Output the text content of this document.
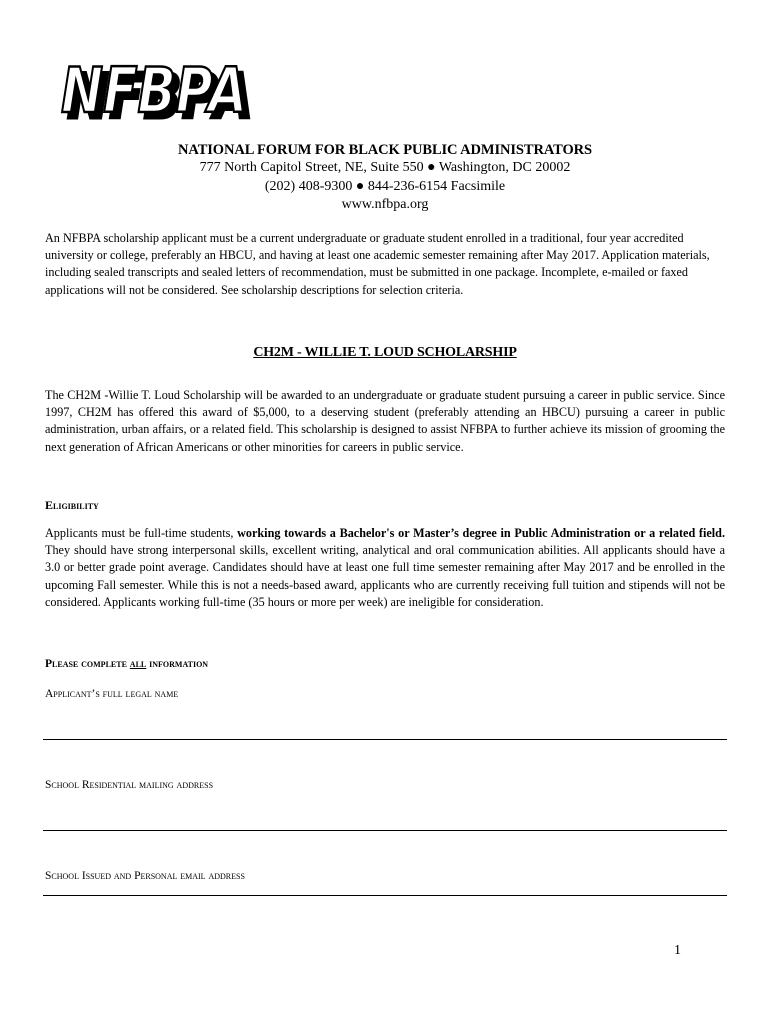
NFBPA
NFBPA
NATIONAL FORUM FOR BLACK PUBLIC ADMINISTRATORS
777 North Capitol Street, NE, Suite 550 ● Washington, DC 20002
(202) 408-9300 ● 844-236-6154 Facsimile
www.nfbpa.org
An NFBPA scholarship applicant must be a current undergraduate or graduate student enrolled in a traditional, four year accredited university or college, preferably an HBCU, and having at least one academic semester remaining after May 2017. Application materials, including sealed transcripts and sealed letters of recommendation, must be submitted in one package. Incomplete, e-mailed or faxed applications will not be considered. See scholarship descriptions for selection criteria.
CH2M - WILLIE T. LOUD SCHOLARSHIP
The CH2M -Willie T. Loud Scholarship will be awarded to an undergraduate or graduate student pursuing a career in public service. Since 1997, CH2M has offered this award of $5,000, to a deserving student (preferably attending an HBCU) pursuing a career in public administration, urban affairs, or a related field. This scholarship is designed to assist NFBPA to further achieve its mission of grooming the next generation of African Americans or other minorities for careers in public service.
Eligibility
Applicants must be full-time students, working towards a Bachelor's or Master’s degree in Public Administration or a related field. They should have strong interpersonal skills, excellent writing, analytical and oral communication abilities. All applicants should have a 3.0 or better grade point average. Candidates should have at least one full time semester remaining after May 2017 and be enrolled in the upcoming Fall semester. While this is not a needs-based award, applicants who are currently receiving full tuition and stipends will not be considered. Applicants working full-time (35 hours or more per week) are ineligible for consideration.
Please complete all information
Applicant’s full legal name
School Residential mailing address
School Issued and Personal email address
1
